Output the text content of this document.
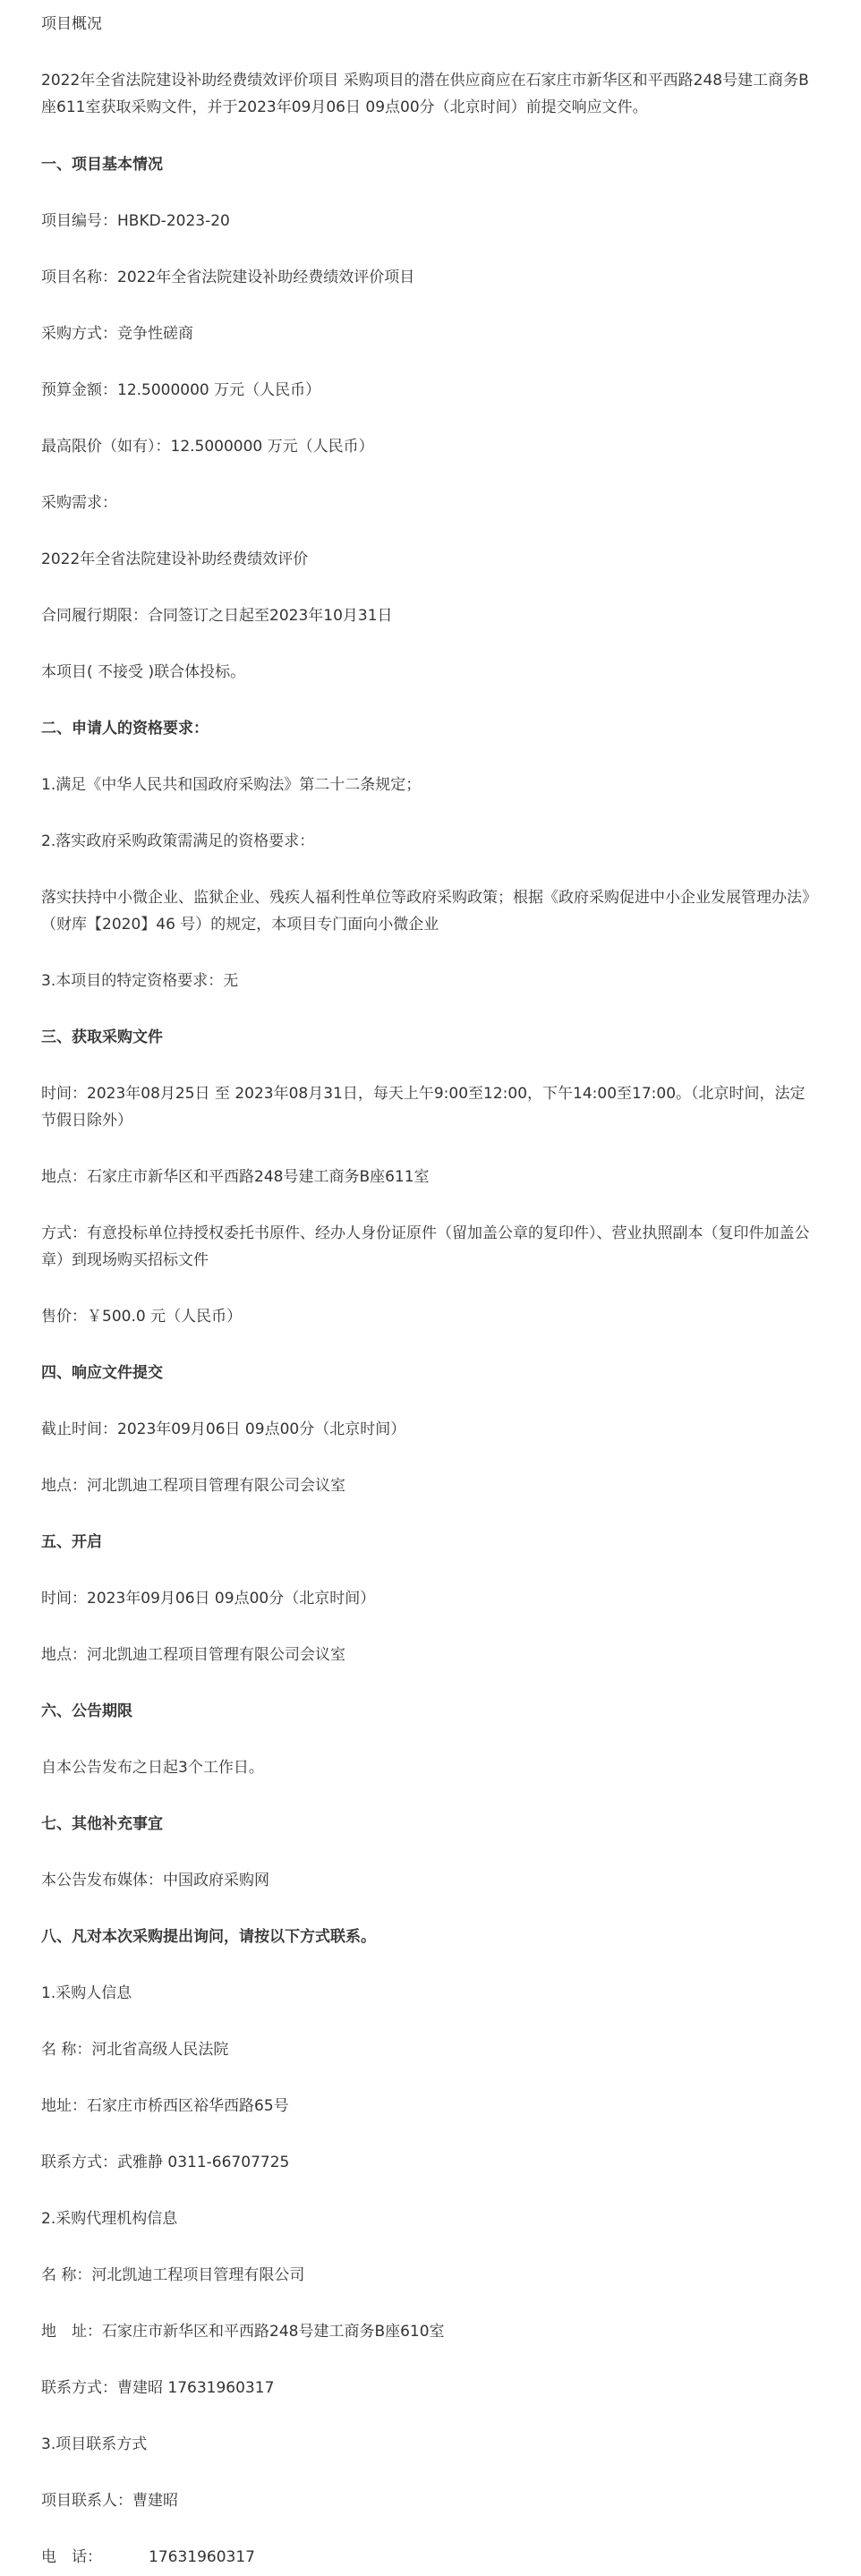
项目概况
2022年全省法院建设补助经费绩效评价项目 采购项目的潜在供应商应在石家庄市新华区和平西路248号建工商务B座611室获取采购文件，并于2023年09月06日 09点00分（北京时间）前提交响应文件。
一、项目基本情况
项目编号：HBKD-2023-20
项目名称：2022年全省法院建设补助经费绩效评价项目
采购方式：竞争性磋商
预算金额：12.5000000 万元（人民币）
最高限价（如有）：12.5000000 万元（人民币）
采购需求：
2022年全省法院建设补助经费绩效评价
合同履行期限：合同签订之日起至2023年10月31日
本项目( 不接受 )联合体投标。
二、申请人的资格要求：
1.满足《中华人民共和国政府采购法》第二十二条规定；
2.落实政府采购政策需满足的资格要求：
落实扶持中小微企业、监狱企业、残疾人福利性单位等政府采购政策；根据《政府采购促进中小企业发展管理办法》（财库【2020】46 号）的规定，本项目专门面向小微企业
3.本项目的特定资格要求：无
三、获取采购文件
时间：2023年08月25日 至 2023年08月31日，每天上午9:00至12:00，下午14:00至17:00。（北京时间，法定节假日除外）
地点：石家庄市新华区和平西路248号建工商务B座611室
方式：有意投标单位持授权委托书原件、经办人身份证原件（留加盖公章的复印件）、营业执照副本（复印件加盖公章）到现场购买招标文件
售价：￥500.0 元（人民币）
四、响应文件提交
截止时间：2023年09月06日 09点00分（北京时间）
地点：河北凯迪工程项目管理有限公司会议室
五、开启
时间：2023年09月06日 09点00分（北京时间）
地点：河北凯迪工程项目管理有限公司会议室
六、公告期限
自本公告发布之日起3个工作日。
七、其他补充事宜
本公告发布媒体：中国政府采购网
八、凡对本次采购提出询问，请按以下方式联系。
1.采购人信息
名 称：河北省高级人民法院
地址：石家庄市桥西区裕华西路65号
联系方式：武雅静 0311-66707725
2.采购代理机构信息
名 称：河北凯迪工程项目管理有限公司
地　址：石家庄市新华区和平西路248号建工商务B座610室
联系方式：曹建昭 17631960317
3.项目联系方式
项目联系人：曹建昭
电　话：	17631960317
